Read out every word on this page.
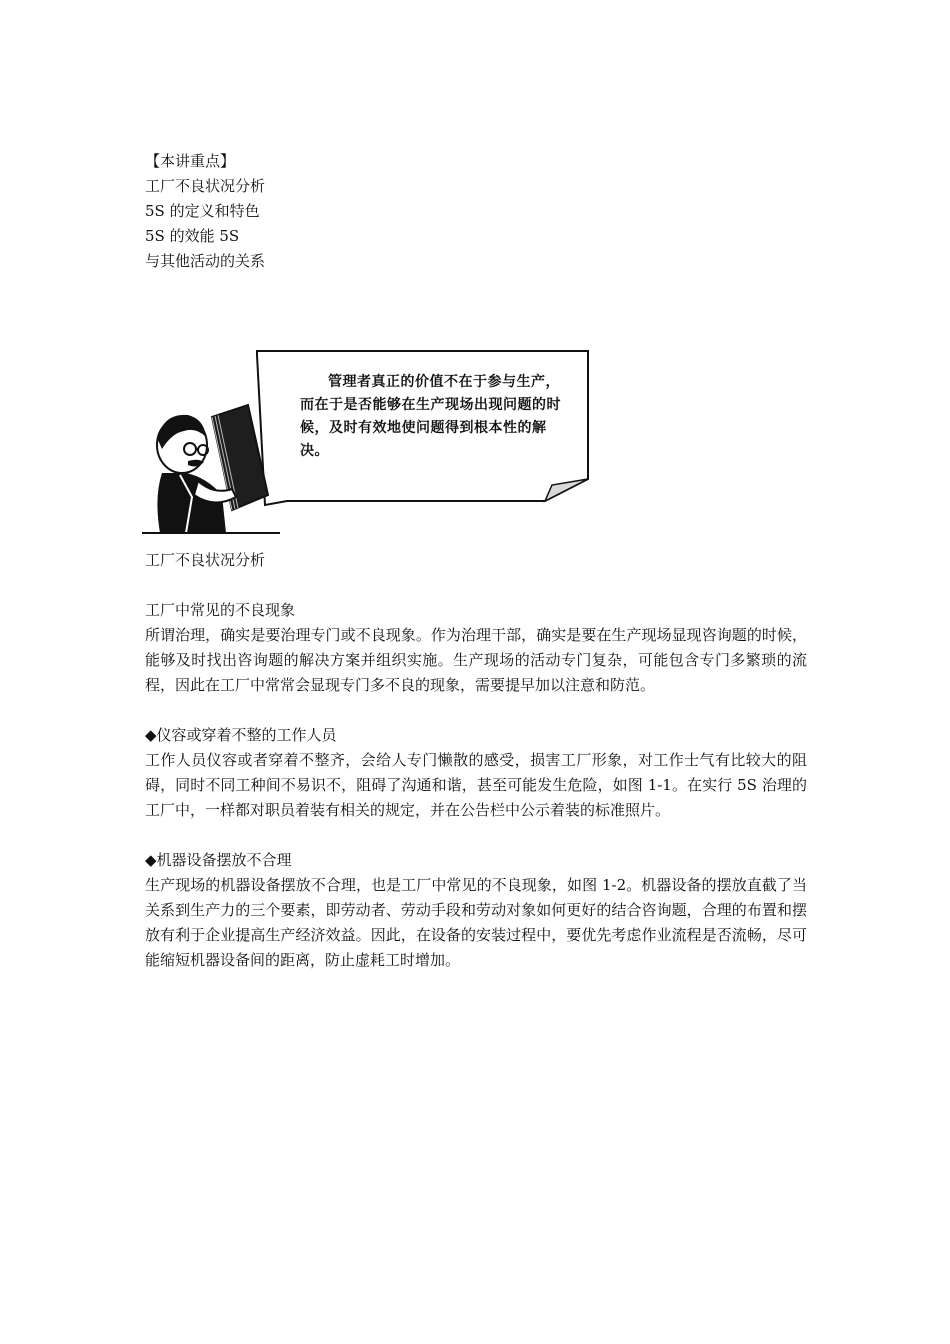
【本讲重点】
工厂不良状况分析
5S 的定义和特色
5S 的效能 5S
与其他活动的关系
管理者真正的价值不在于参与生产，而在于是否能够在生产现场出现问题的时候，及时有效地使问题得到根本性的解决。
工厂不良状况分析
工厂中常见的不良现象
所谓治理，确实是要治理专门或不良现象。作为治理干部，确实是要在生产现场显现咨询题的时候，能够及时找出咨询题的解决方案并组织实施。生产现场的活动专门复杂，可能包含专门多繁琐的流程，因此在工厂中常常会显现专门多不良的现象，需要提早加以注意和防范。
◆仪容或穿着不整的工作人员
工作人员仪容或者穿着不整齐，会给人专门懒散的感受，损害工厂形象，对工作士气有比较大的阻碍，同时不同工种间不易识不，阻碍了沟通和谐，甚至可能发生危险，如图 1-1。在实行 5S 治理的工厂中，一样都对职员着装有相关的规定，并在公告栏中公示着装的标准照片。
◆机器设备摆放不合理
生产现场的机器设备摆放不合理，也是工厂中常见的不良现象，如图 1-2。机器设备的摆放直截了当关系到生产力的三个要素，即劳动者、劳动手段和劳动对象如何更好的结合咨询题，合理的布置和摆放有利于企业提高生产经济效益。因此，在设备的安装过程中，要优先考虑作业流程是否流畅，尽可能缩短机器设备间的距离，防止虚耗工时增加。
